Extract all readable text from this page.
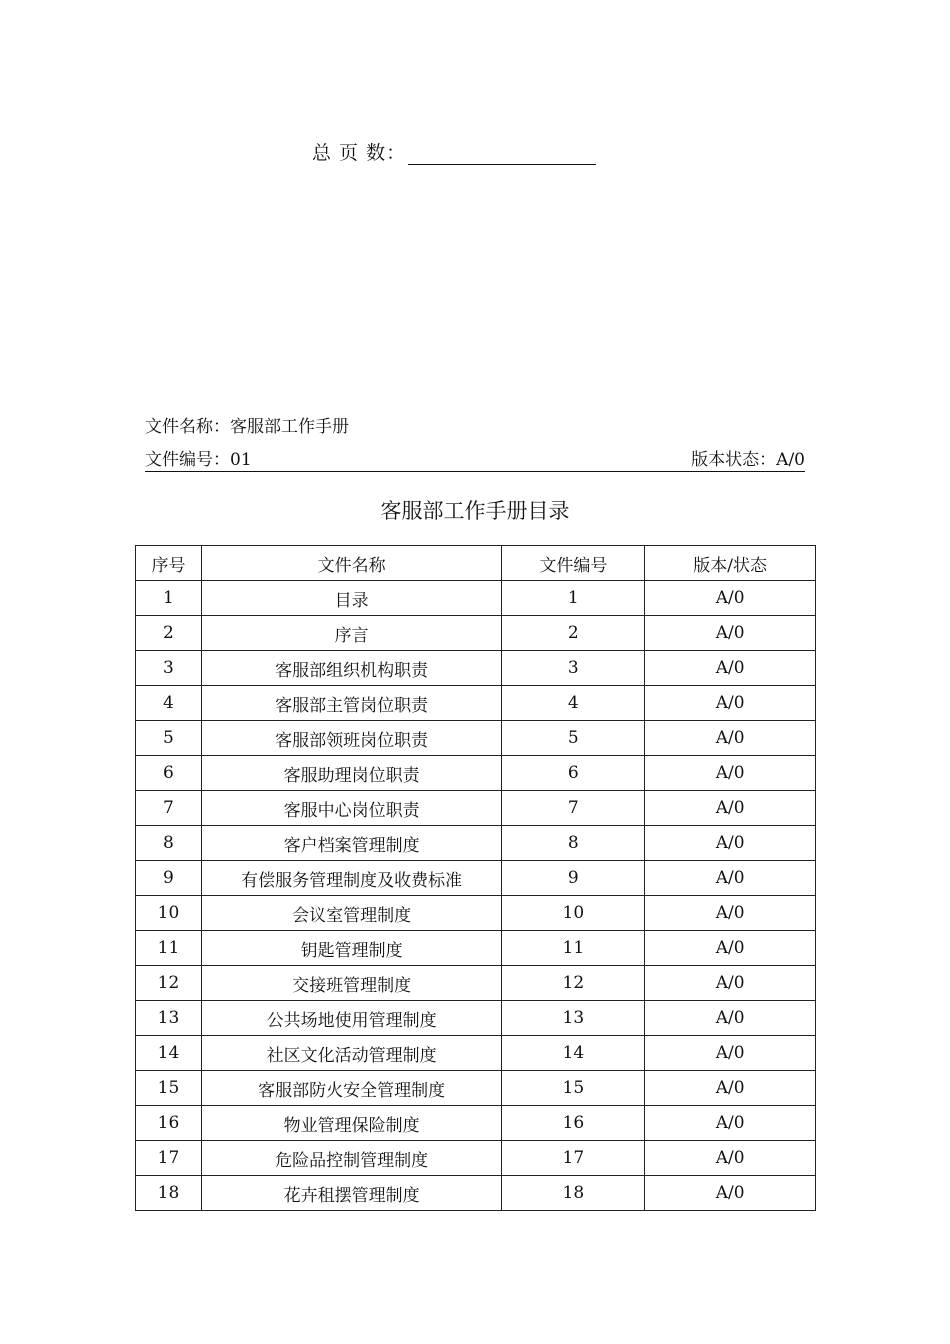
总 页 数：
文件名称：客服部工作手册
文件编号：01	版本状态：A/0
客服部工作手册目录
序号	文件名称	文件编号	版本/状态
1	目录	1	A/0
2	序言	2	A/0
3	客服部组织机构职责	3	A/0
4	客服部主管岗位职责	4	A/0
5	客服部领班岗位职责	5	A/0
6	客服助理岗位职责	6	A/0
7	客服中心岗位职责	7	A/0
8	客户档案管理制度	8	A/0
9	有偿服务管理制度及收费标准	9	A/0
10	会议室管理制度	10	A/0
11	钥匙管理制度	11	A/0
12	交接班管理制度	12	A/0
13	公共场地使用管理制度	13	A/0
14	社区文化活动管理制度	14	A/0
15	客服部防火安全管理制度	15	A/0
16	物业管理保险制度	16	A/0
17	危险品控制管理制度	17	A/0
18	花卉租摆管理制度	18	A/0
